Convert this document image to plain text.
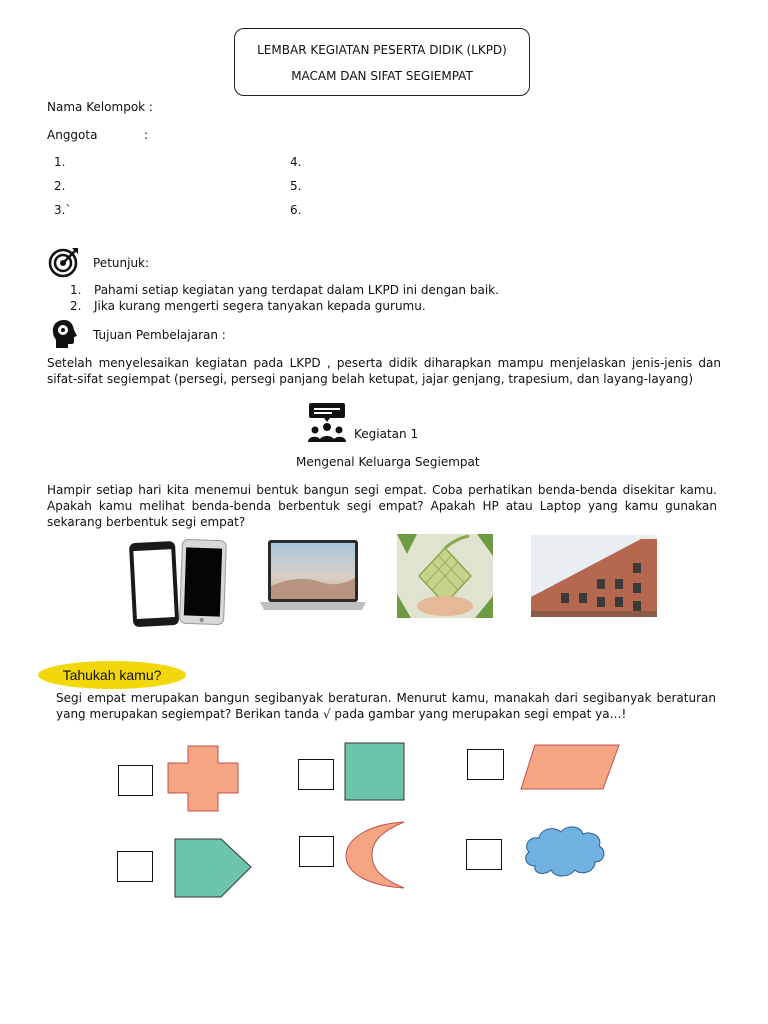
LEMBAR KEGIATAN PESERTA DIDIK (LKPD)
MACAM DAN SIFAT SEGIEMPAT
Nama Kelompok :
Anggota	:
1.
2.
3.`
4.
5.
6.
Petunjuk:
1. Pahami setiap kegiatan yang terdapat dalam LKPD ini dengan baik.
2. Jika kurang mengerti segera tanyakan kepada gurumu.
Tujuan Pembelajaran :
Setelah menyelesaikan kegiatan pada LKPD , peserta didik diharapkan mampu menjelaskan jenis-jenis dan sifat-sifat segiempat (persegi, persegi panjang belah ketupat, jajar genjang, trapesium, dan layang-layang)
Kegiatan 1
Mengenal Keluarga Segiempat
Hampir setiap hari kita menemui bentuk bangun segi empat. Coba perhatikan benda-benda disekitar kamu. Apakah kamu melihat benda-benda berbentuk segi empat? Apakah HP atau Laptop yang kamu gunakan sekarang berbentuk segi empat?
Tahukah kamu?
Segi empat merupakan bangun segibanyak beraturan. Menurut kamu, manakah dari segibanyak beraturan yang merupakan segiempat? Berikan tanda √ pada gambar yang merupakan segi empat ya…!
